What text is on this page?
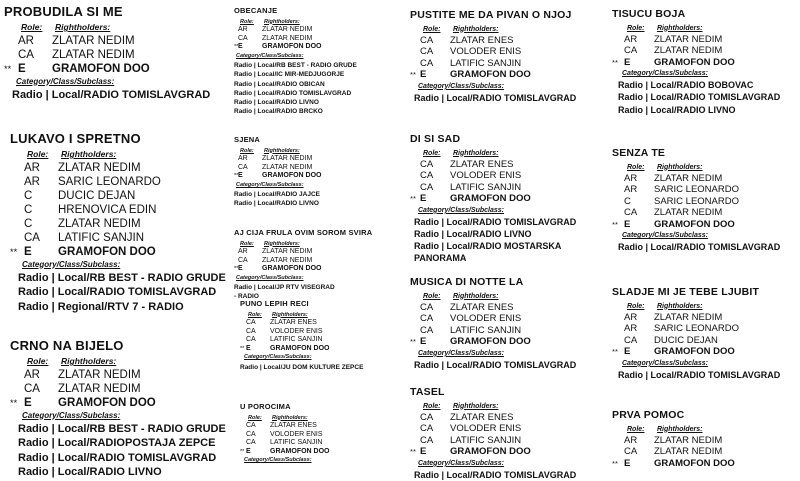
PROBUDILA SI ME
Role:	Rightholders:
AR	ZLATAR NEDIM
CA	ZLATAR NEDIM
** E	GRAMOFON DOO
Category/Class/Subclass:
Radio | Local/RADIO TOMISLAVGRAD
LUKAVO I SPRETNO
Role:	Rightholders:
AR	ZLATAR NEDIM
AR	SARIC LEONARDO
C	DUCIC DEJAN
C	HRENOVICA EDIN
C	ZLATAR NEDIM
CA	LATIFIC SANJIN
** E	GRAMOFON DOO
Category/Class/Subclass:
Radio | Local/RB BEST - RADIO GRUDE
Radio | Local/RADIO TOMISLAVGRAD
Radio | Regional/RTV 7 - RADIO
CRNO NA BIJELO
Role:	Rightholders:
AR	ZLATAR NEDIM
CA	ZLATAR NEDIM
** E	GRAMOFON DOO
Category/Class/Subclass:
Radio | Local/RB BEST - RADIO GRUDE
Radio | Local/RADIOPOSTAJA ZEPCE
Radio | Local/RADIO TOMISLAVGRAD
Radio | Local/RADIO LIVNO
OBECANJE
Role:	Rightholders:
AR	ZLATAR NEDIM
CA	ZLATAR NEDIM
** E	GRAMOFON DOO
Category/Class/Subclass:
Radio | Local/RB BEST - RADIO GRUDE
Radio | Local/IC MIR-MEDJUGORJE
Radio | Local/RADIO OBICAN
Radio | Local/RADIO TOMISLAVGRAD
Radio | Local/RADIO LIVNO
Radio | Local/RADIO BRCKO
SJENA
Role:	Rightholders:
AR	ZLATAR NEDIM
CA	ZLATAR NEDIM
** E	GRAMOFON DOO
Category/Class/Subclass:
Radio | Local/RADIO JAJCE
Radio | Local/RADIO LIVNO
AJ CIJA FRULA OVIM SOROM SVIRA
Role:	Rightholders:
AR	ZLATAR NEDIM
CA	ZLATAR NEDIM
** E	GRAMOFON DOO
Category/Class/Subclass:
Radio | Local/JP RTV VISEGRAD
- RADIO
PUNO LEPIH RECI
Role:	Rightholders:
CA	ZLATAR ENES
CA	VOLODER ENIS
CA	LATIFIC SANJIN
** E	GRAMOFON DOO
Category/Class/Subclass:
Radio | Local/JU DOM KULTURE ZEPCE
U POROCIMA
Role:	Rightholders:
CA	ZLATAR ENES
CA	VOLODER ENIS
CA	LATIFIC SANJIN
** E	GRAMOFON DOO
Category/Class/Subclass:
PUSTITE ME DA PIVAN O NJOJ
Role:	Rightholders:
CA	ZLATAR ENES
CA	VOLODER ENIS
CA	LATIFIC SANJIN
** E	GRAMOFON DOO
Category/Class/Subclass:
Radio | Local/RADIO TOMISLAVGRAD
DI SI SAD
Role:	Rightholders:
CA	ZLATAR ENES
CA	VOLODER ENIS
CA	LATIFIC SANJIN
** E	GRAMOFON DOO
Category/Class/Subclass:
Radio | Local/RADIO TOMISLAVGRAD
Radio | Local/RADIO LIVNO
Radio | Local/RADIO MOSTARSKA
PANORAMA
MUSICA DI NOTTE LA
Role:	Rightholders:
CA	ZLATAR ENES
CA	VOLODER ENIS
CA	LATIFIC SANJIN
** E	GRAMOFON DOO
Category/Class/Subclass:
Radio | Local/RADIO TOMISLAVGRAD
TASEL
Role:	Rightholders:
CA	ZLATAR ENES
CA	VOLODER ENIS
CA	LATIFIC SANJIN
** E	GRAMOFON DOO
Category/Class/Subclass:
Radio | Local/RADIO TOMISLAVGRAD
TISUCU BOJA
Role:	Rightholders:
AR	ZLATAR NEDIM
CA	ZLATAR NEDIM
** E	GRAMOFON DOO
Category/Class/Subclass:
Radio | Local/RADIO BOBOVAC
Radio | Local/RADIO TOMISLAVGRAD
Radio | Local/RADIO LIVNO
SENZA TE
Role:	Rightholders:
AR	ZLATAR NEDIM
AR	SARIC LEONARDO
C	SARIC LEONARDO
CA	ZLATAR NEDIM
** E	GRAMOFON DOO
Category/Class/Subclass:
Radio | Local/RADIO TOMISLAVGRAD
SLADJE MI JE TEBE LJUBIT
Role:	Rightholders:
AR	ZLATAR NEDIM
AR	SARIC LEONARDO
CA	DUCIC DEJAN
** E	GRAMOFON DOO
Category/Class/Subclass:
Radio | Local/RADIO TOMISLAVGRAD
PRVA POMOC
Role:	Rightholders:
AR	ZLATAR NEDIM
CA	ZLATAR NEDIM
** E	GRAMOFON DOO
